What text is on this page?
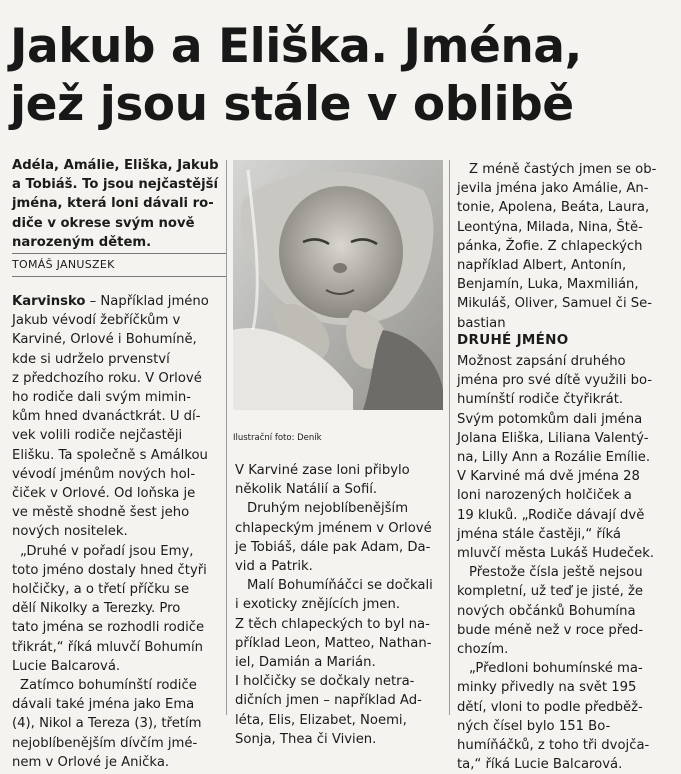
Jakub a Eliška. Jména,
jež jsou stále v oblibě
Adéla, Amálie, Eliška, Jakub
a Tobiáš. To jsou nejčastější
jména, která loni dávali ro-
diče v okrese svým nově
narozeným dětem.
TOMÁŠ JANUSZEK
Karvinsko – Například jméno
Jakub vévodí žebříčkům v
Karviné, Orlové i Bohumíně,
kde si udrželo prvenství
z předchozího roku. V Orlové
ho rodiče dali svým mimin-
kům hned dvanáctkrát. U dí-
vek volili rodiče nejčastěji
Elišku. Ta společně s Amálkou
vévodí jménům nových hol-
čiček v Orlové. Od loňska je
ve městě shodně šest jeho
nových nositelek.
„Druhé v pořadí jsou Emy,
toto jméno dostaly hned čtyři
holčičky, a o třetí příčku se
dělí Nikolky a Terezky. Pro
tato jména se rozhodli rodiče
třikrát,“ říká mluvčí Bohumín
Lucie Balcarová.
Zatímco bohumínští rodiče
dávali také jména jako Ema
(4), Nikol a Tereza (3), třetím
nejoblíbenějším dívčím jmé-
nem v Orlové je Anička.
Ilustrační foto: Deník
V Karviné zase loni přibylo
několik Natálií a Sofií.
Druhým nejoblíbenějším
chlapeckým jménem v Orlové
je Tobiáš, dále pak Adam, Da-
vid a Patrik.
Malí Bohumíňáčci se dočkali
i exoticky znějících jmen.
Z těch chlapeckých to byl na-
příklad Leon, Matteo, Nathan-
iel, Damián a Marián.
I holčičky se dočkaly netra-
dičních jmen – například Ad-
léta, Elis, Elizabet, Noemi,
Sonja, Thea či Vivien.
Z méně častých jmen se ob-
jevila jména jako Amálie, An-
tonie, Apolena, Beáta, Laura,
Leontýna, Milada, Nina, Ště-
pánka, Žofie. Z chlapeckých
například Albert, Antonín,
Benjamín, Luka, Maxmilián,
Mikuláš, Oliver, Samuel či Se-
bastian
DRUHÉ JMÉNO
Možnost zapsání druhého
jména pro své dítě využili bo-
humínští rodiče čtyřikrát.
Svým potomkům dali jména
Jolana Eliška, Liliana Valentý-
na, Lilly Ann a Rozálie Emílie.
V Karviné má dvě jména 28
loni narozených holčiček a
19 kluků. „Rodiče dávají dvě
jména stále častěji,“ říká
mluvčí města Lukáš Hudeček.
Přestože čísla ještě nejsou
kompletní, už teď je jisté, že
nových občánků Bohumína
bude méně než v roce před-
chozím.
„Předloni bohumínské ma-
minky přivedly na svět 195
dětí, vloni to podle předběž-
ných čísel bylo 151 Bo-
humíňáčků, z toho tři dvojča-
ta,“ říká Lucie Balcarová.
